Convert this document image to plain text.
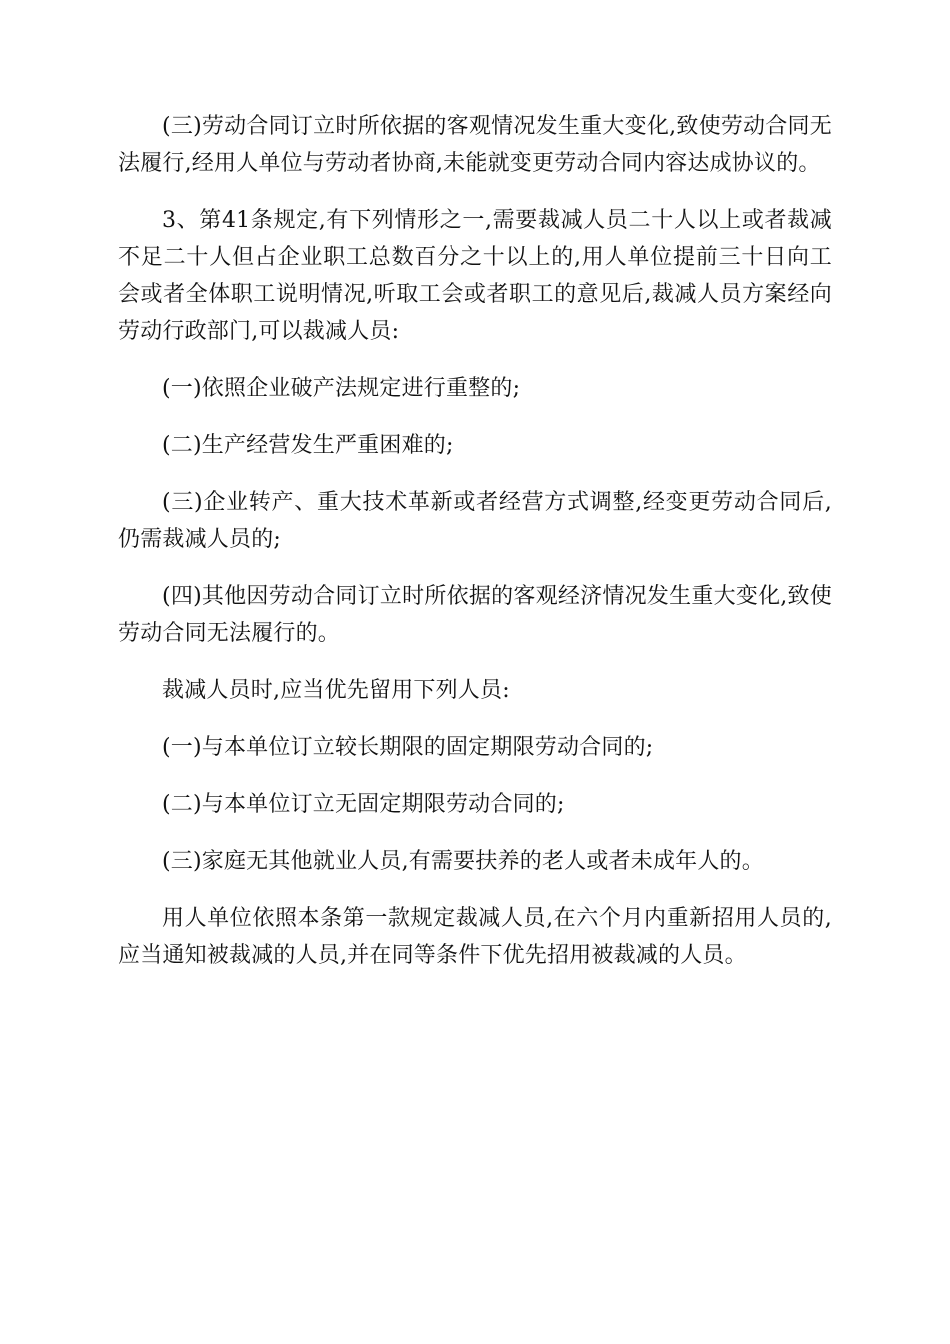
(三)劳动合同订立时所依据的客观情况发生重大变化,致使劳动合同无法履行,经用人单位与劳动者协商,未能就变更劳动合同内容达成协议的。

3、第41条规定,有下列情形之一,需要裁减人员二十人以上或者裁减不足二十人但占企业职工总数百分之十以上的,用人单位提前三十日向工会或者全体职工说明情况,听取工会或者职工的意见后,裁减人员方案经向劳动行政部门,可以裁减人员:

(一)依照企业破产法规定进行重整的;

(二)生产经营发生严重困难的;

(三)企业转产、重大技术革新或者经营方式调整,经变更劳动合同后,仍需裁减人员的;

(四)其他因劳动合同订立时所依据的客观经济情况发生重大变化,致使劳动合同无法履行的。

裁减人员时,应当优先留用下列人员:

(一)与本单位订立较长期限的固定期限劳动合同的;

(二)与本单位订立无固定期限劳动合同的;

(三)家庭无其他就业人员,有需要扶养的老人或者未成年人的。

用人单位依照本条第一款规定裁减人员,在六个月内重新招用人员的,应当通知被裁减的人员,并在同等条件下优先招用被裁减的人员。
